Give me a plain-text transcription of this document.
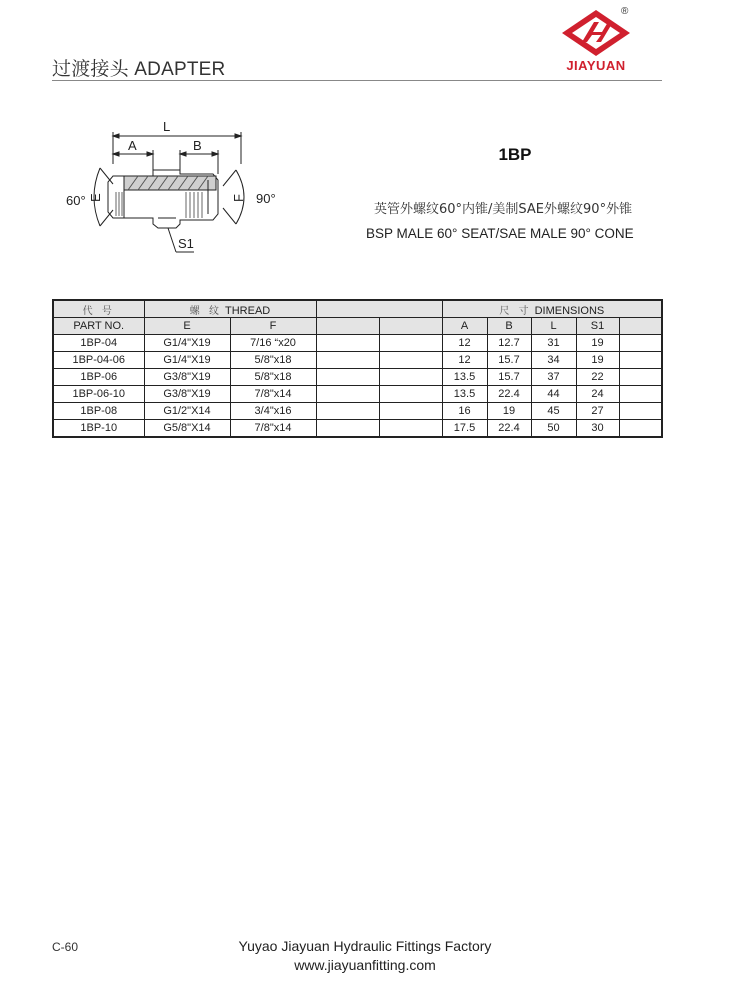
过渡接头 ADAPTER
®
JIAYUAN
L
A	B
60°	90°
E	F
S1
1BP
英管外螺纹60°内锥/美制SAE外螺纹90°外锥
BSP MALE 60° SEAT/SAE MALE 90° CONE
代 号	螺 纹 THREAD				尺 寸 DIMENSIONS				
PART NO.	E	F			A	B	L	S1	
1BP-04	G1/4"X19	7/16 “x20			12	12.7	31	19	
1BP-04-06	G1/4"X19	5/8"x18			12	15.7	34	19	
1BP-06	G3/8"X19	5/8"x18			13.5	15.7	37	22	
1BP-06-10	G3/8"X19	7/8"x14			13.5	22.4	44	24	
1BP-08	G1/2"X14	3/4"x16			16	19	45	27	
1BP-10	G5/8"X14	7/8"x14			17.5	22.4	50	30	
C-60	Yuyao Jiayuan Hydraulic Fittings Factory
www.jiayuanfitting.com
